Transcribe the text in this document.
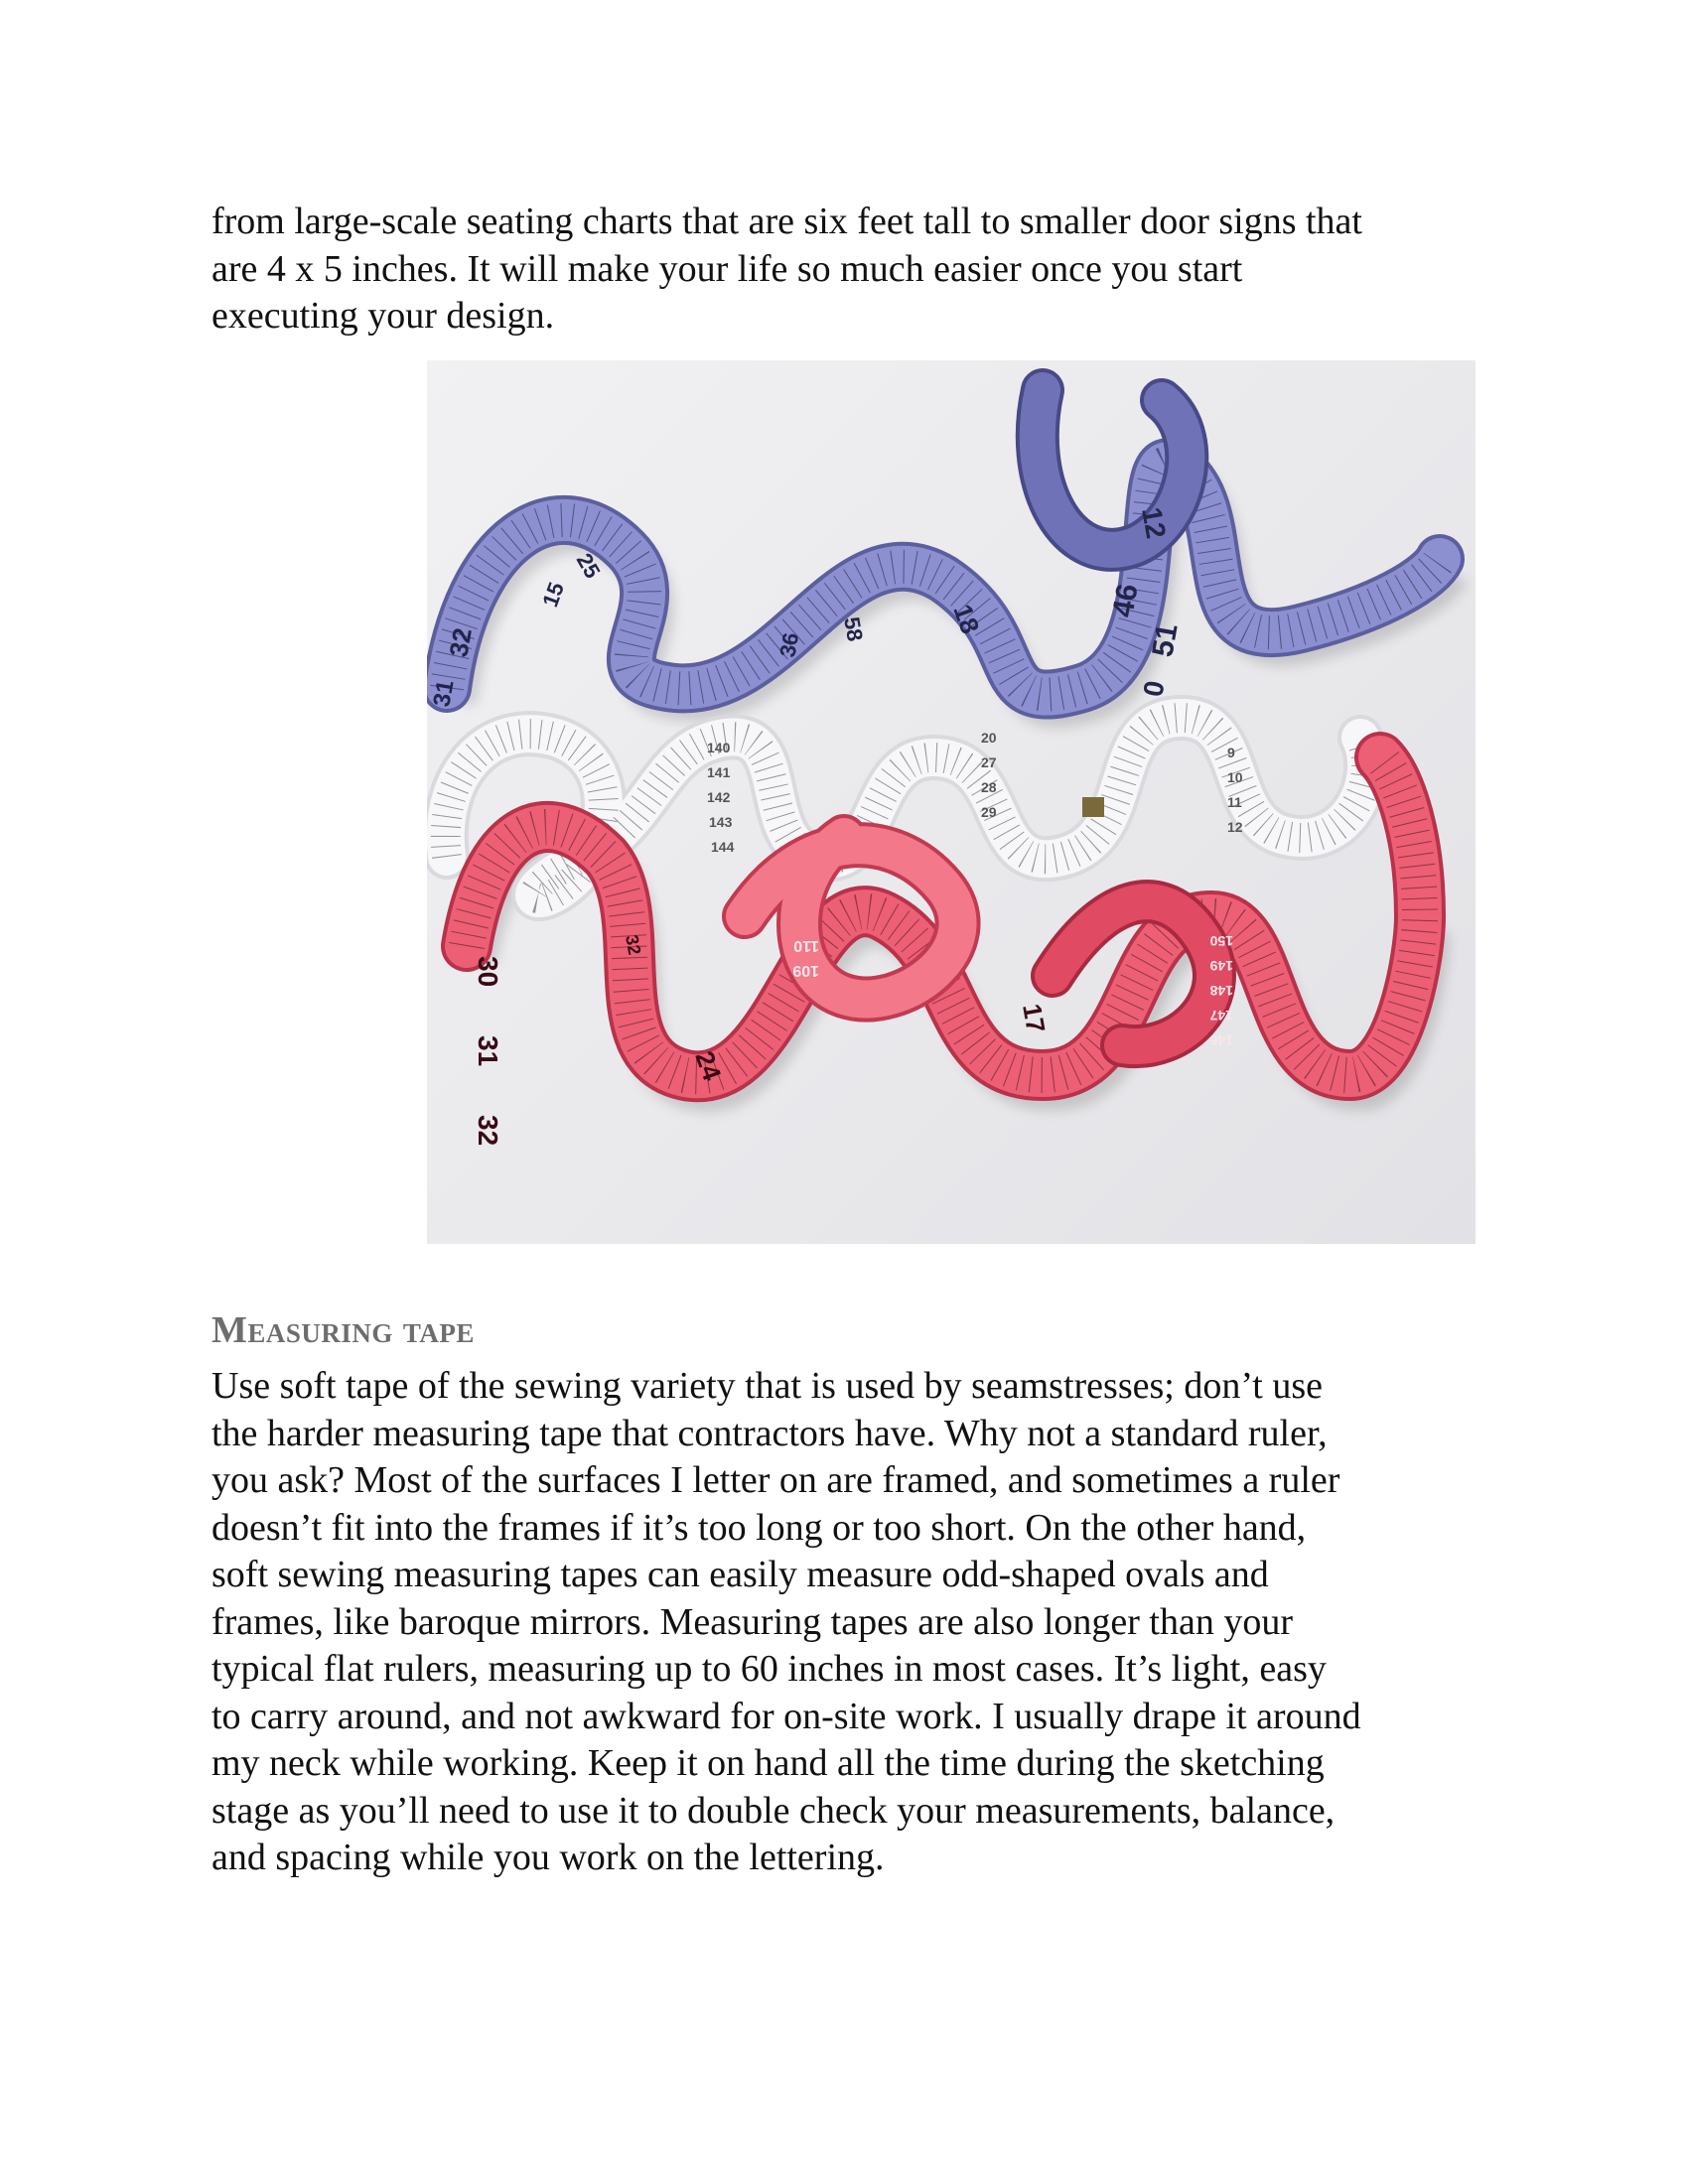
from large-scale seating charts that are six feet tall to smaller door signs that
are 4 x 5 inches. It will make your life so much easier once you start
executing your design.

32
31
25
15
18
12
46
51
0
36
58
140
141
142
143
144
20
27
28
29
9
10
11
12
30
31
32
24
110
109
150
149
148
147
146
17
32
Measuring tape

Use soft tape of the sewing variety that is used by seamstresses; don’t use
the harder measuring tape that contractors have. Why not a standard ruler,
you ask? Most of the surfaces I letter on are framed, and sometimes a ruler
doesn’t fit into the frames if it’s too long or too short. On the other hand,
soft sewing measuring tapes can easily measure odd-shaped ovals and
frames, like baroque mirrors. Measuring tapes are also longer than your
typical flat rulers, measuring up to 60 inches in most cases. It’s light, easy
to carry around, and not awkward for on-site work. I usually drape it around
my neck while working. Keep it on hand all the time during the sketching
stage as you’ll need to use it to double check your measurements, balance,
and spacing while you work on the lettering.
